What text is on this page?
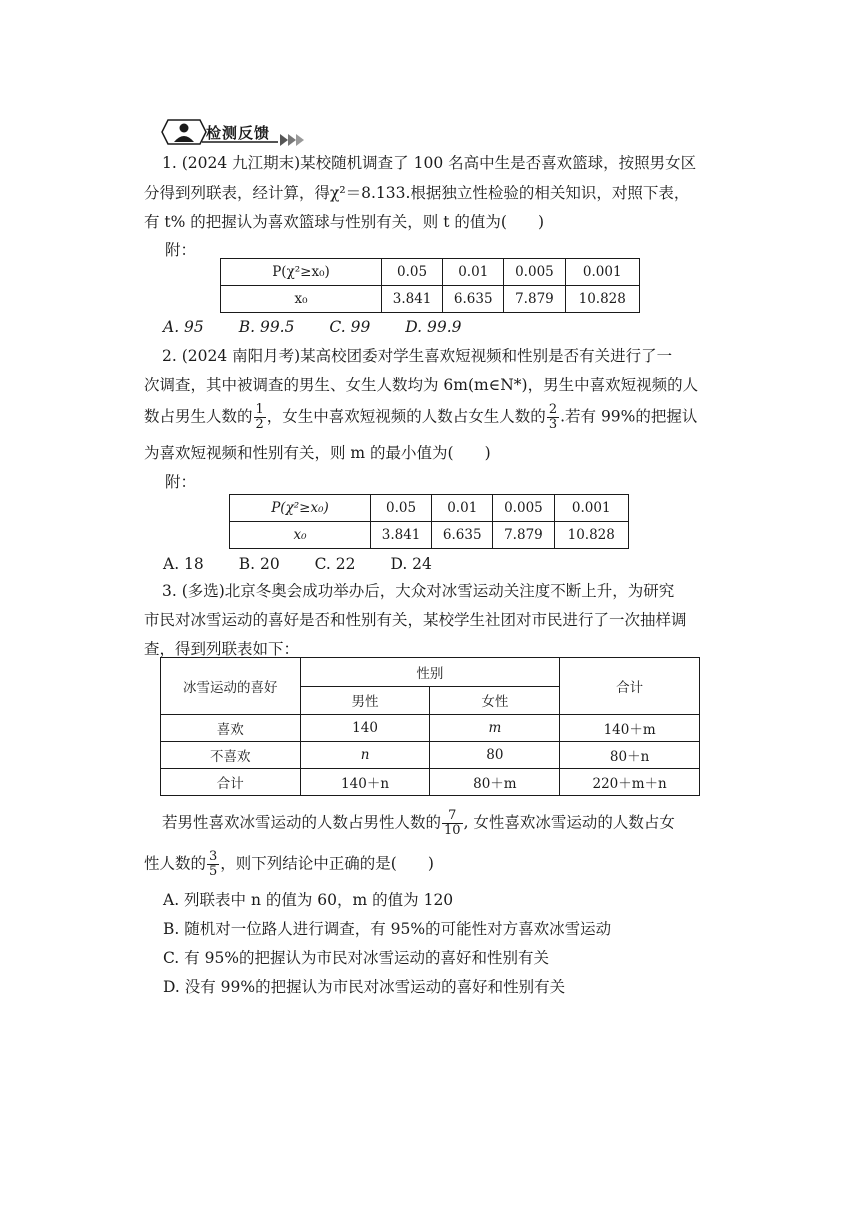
检测反馈
1. (2024 九江期末)某校随机调查了 100 名高中生是否喜欢篮球，按照男女区
分得到列联表，经计算，得χ²＝8.133.根据独立性检验的相关知识，对照下表，
有 t% 的把握认为喜欢篮球与性别有关，则 t 的值为(　　)
附：
P(χ²≥x₀)	0.05	0.01	0.005	0.001
x₀	3.841	6.635	7.879	10.828
A. 95 B. 99.5 C. 99 D. 99.9
2. (2024 南阳月考)某高校团委对学生喜欢短视频和性别是否有关进行了一
次调查，其中被调查的男生、女生人数均为 6m(m∈N*)，男生中喜欢短视频的人
数占男生人数的 $\frac{1}{2}$ ，女生中喜欢短视频的人数占女生人数的 $\frac{2}{3}$ .若有 99%的把握认
为喜欢短视频和性别有关，则 m 的最小值为(　　)
附：
P(χ²≥x₀)	0.05	0.01	0.005	0.001
x₀	3.841	6.635	7.879	10.828
A. 18 B. 20 C. 22 D. 24
3. (多选)北京冬奥会成功举办后，大众对冰雪运动关注度不断上升，为研究
市民对冰雪运动的喜好是否和性别有关，某校学生社团对市民进行了一次抽样调
查，得到列联表如下：
冰雪运动的喜好	性别		合计
	男性	女性	
喜欢	140	m	140＋m
不喜欢	n	80	80＋n
合计	140＋n	80＋m	220＋m＋n
若男性喜欢冰雪运动的人数占男性人数的 $\frac{7}{10}$ , 女性喜欢冰雪运动的人数占女
性人数的 $\frac{3}{5}$ ，则下列结论中正确的是(　　)
A. 列联表中 n 的值为 60，m 的值为 120
B. 随机对一位路人进行调查，有 95%的可能性对方喜欢冰雪运动
C. 有 95%的把握认为市民对冰雪运动的喜好和性别有关
D. 没有 99%的把握认为市民对冰雪运动的喜好和性别有关
